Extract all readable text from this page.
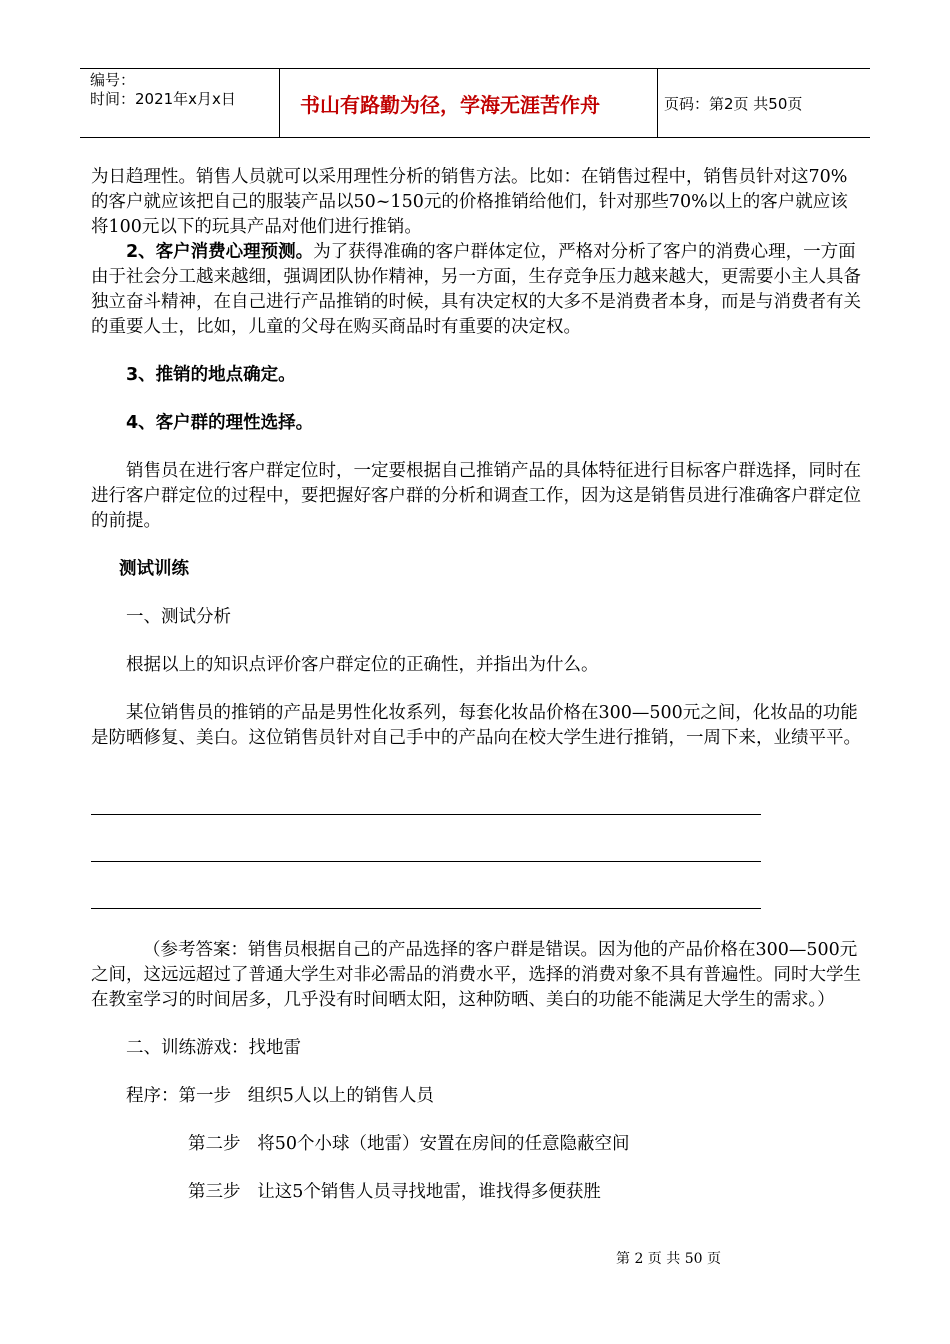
编号：
时间：2021年x月x日	书山有路勤为径，学海无涯苦作舟	页码：第2页 共50页

为日趋理性。销售人员就可以采用理性分析的销售方法。比如：在销售过程中，销售员针对这70%的客户就应该把自己的服装产品以50~150元的价格推销给他们，针对那些70%以上的客户就应该将100元以下的玩具产品对他们进行推销。

2、客户消费心理预测。为了获得准确的客户群体定位，严格对分析了客户的消费心理，一方面由于社会分工越来越细，强调团队协作精神，另一方面，生存竞争压力越来越大，更需要小主人具备独立奋斗精神，在自己进行产品推销的时候，具有决定权的大多不是消费者本身，而是与消费者有关的重要人士，比如，儿童的父母在购买商品时有重要的决定权。

3、推销的地点确定。

4、客户群的理性选择。

销售员在进行客户群定位时，一定要根据自己推销产品的具体特征进行目标客户群选择，同时在进行客户群定位的过程中，要把握好客户群的分析和调查工作，因为这是销售员进行准确客户群定位的前提。

测试训练

一、测试分析

根据以上的知识点评价客户群定位的正确性，并指出为什么。

某位销售员的推销的产品是男性化妆系列，每套化妆品价格在300—500元之间，化妆品的功能是防晒修复、美白。这位销售员针对自己手中的产品向在校大学生进行推销，一周下来，业绩平平。

（参考答案：销售员根据自己的产品选择的客户群是错误。因为他的产品价格在300—500元之间，这远远超过了普通大学生对非必需品的消费水平，选择的消费对象不具有普遍性。同时大学生在教室学习的时间居多，几乎没有时间晒太阳，这种防晒、美白的功能不能满足大学生的需求。）

二、训练游戏：找地雷

程序：第一步 组织5人以上的销售人员

第二步 将50个小球（地雷）安置在房间的任意隐蔽空间

第三步 让这5个销售人员寻找地雷，谁找得多便获胜

第 2 页 共 50 页
